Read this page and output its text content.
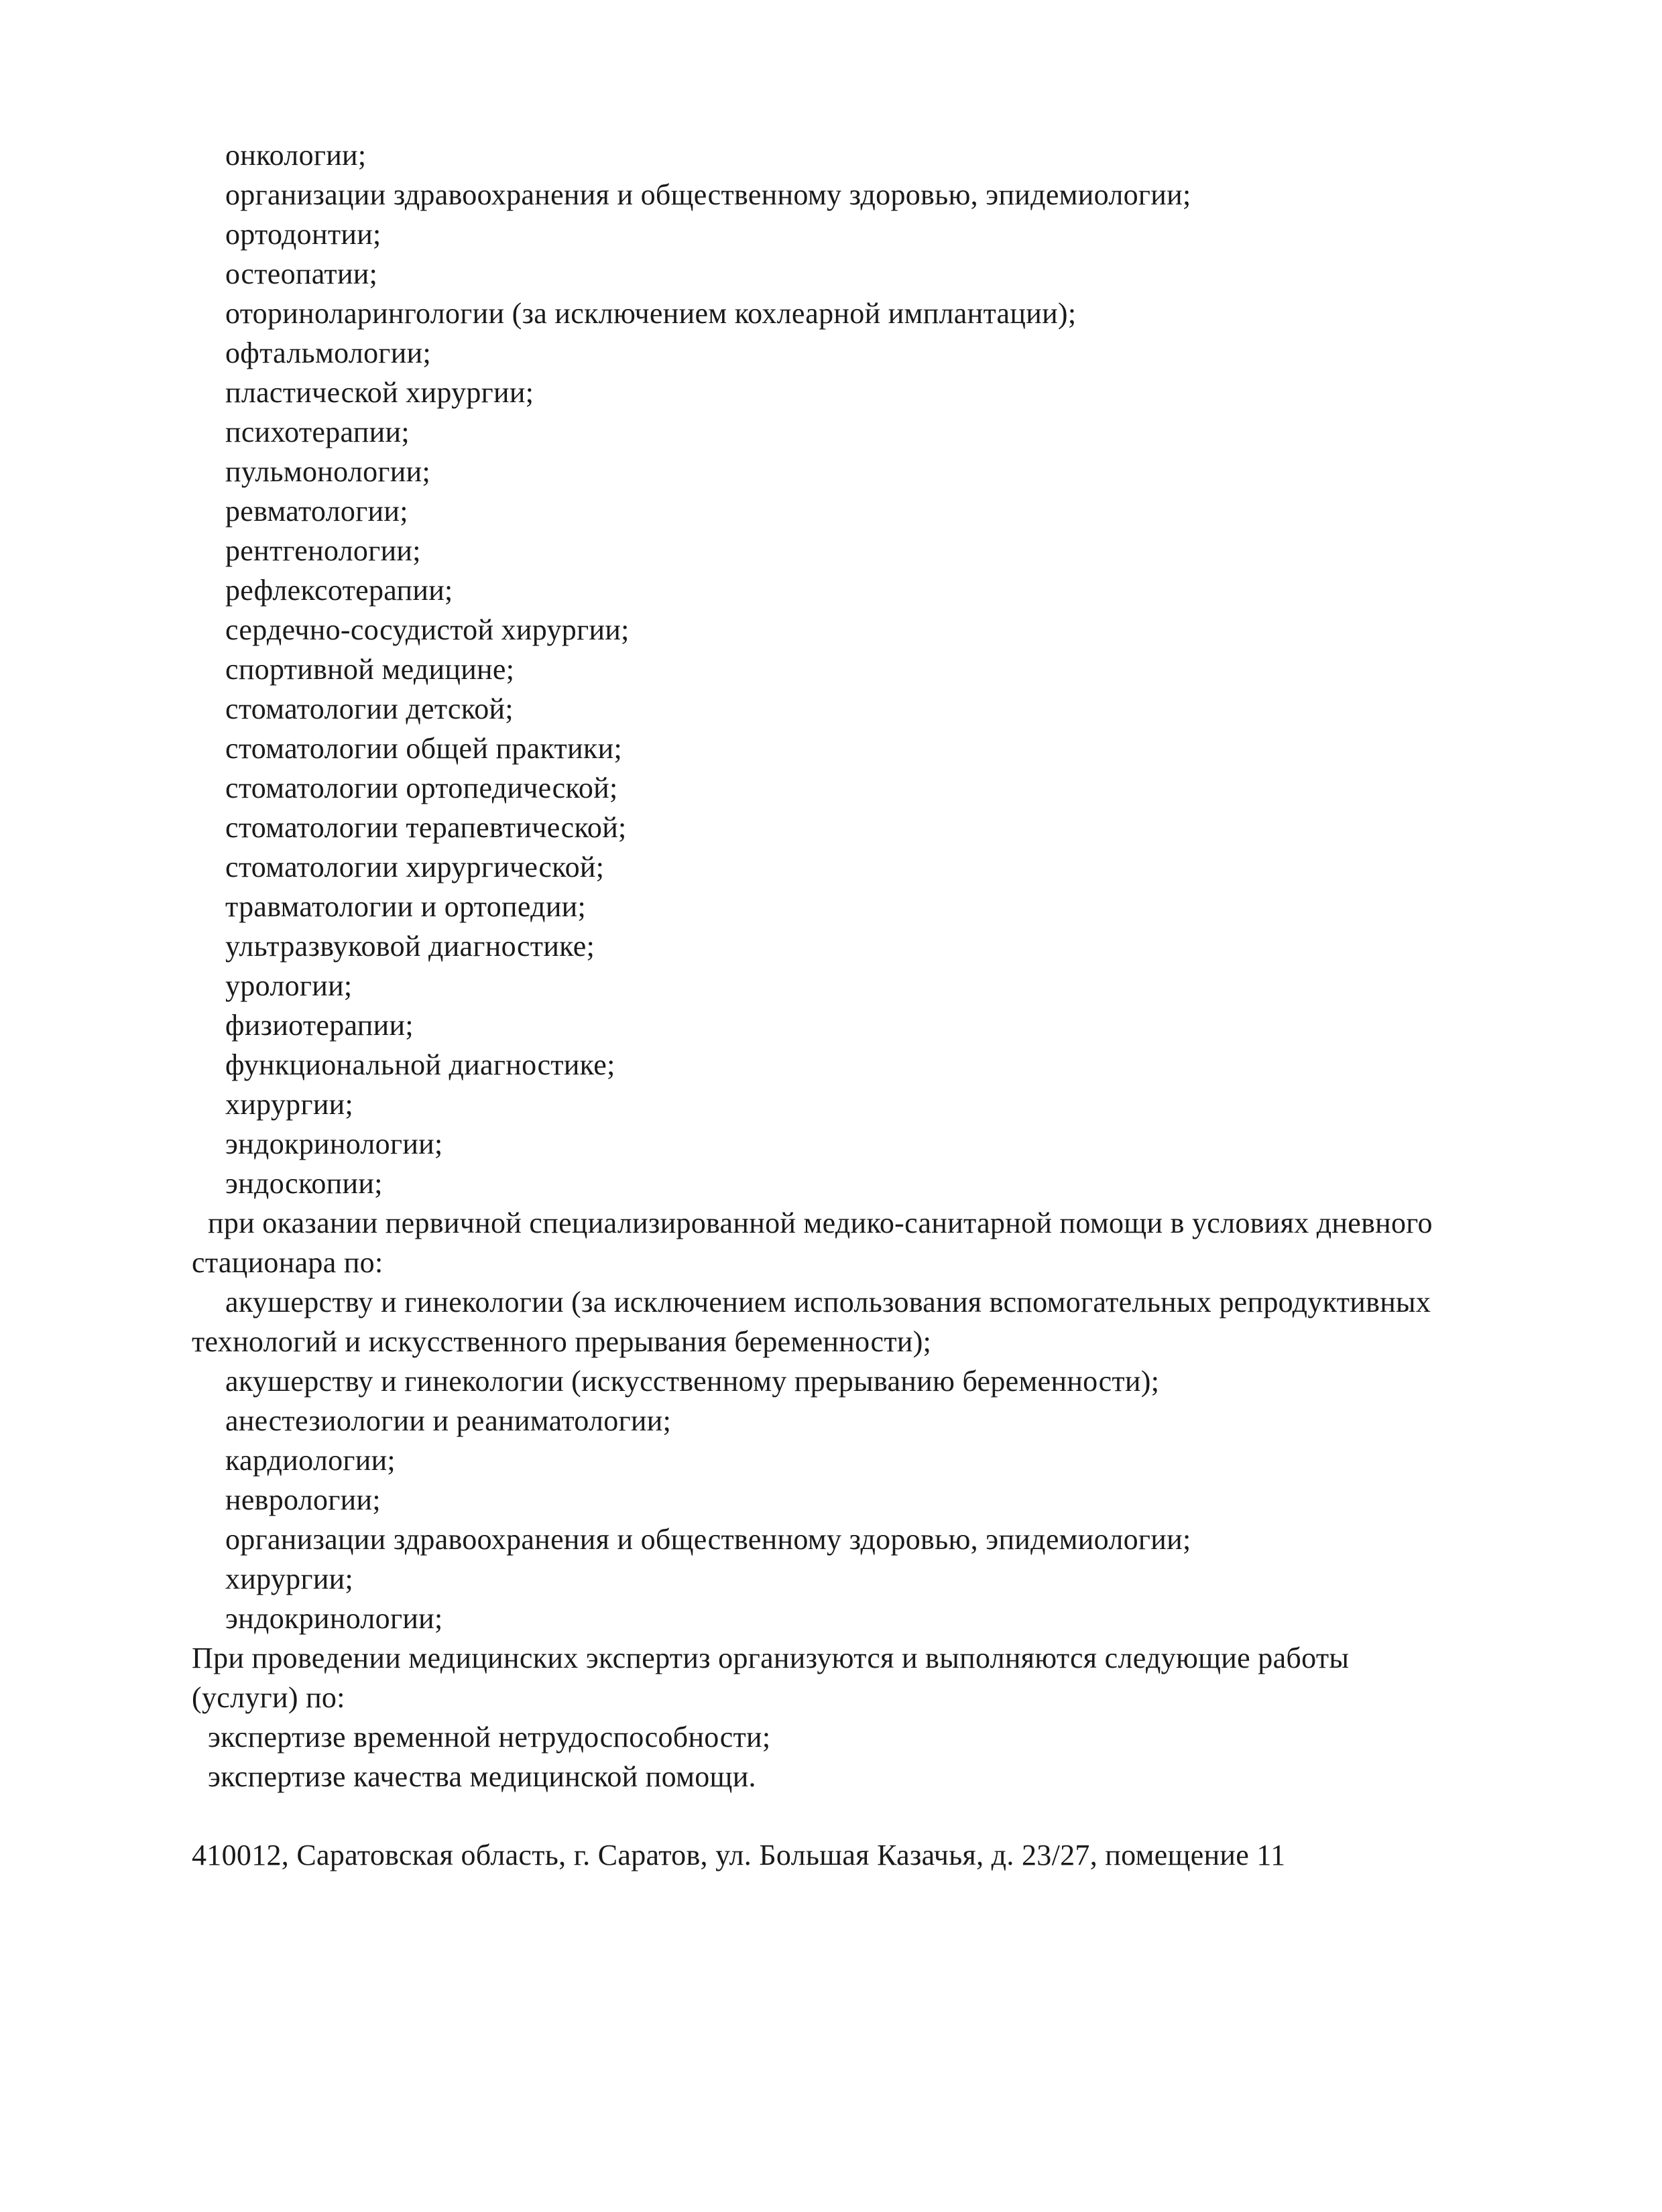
онкологии;
организации здравоохранения и общественному здоровью, эпидемиологии;
ортодонтии;
остеопатии;
оториноларингологии (за исключением кохлеарной имплантации);
офтальмологии;
пластической хирургии;
психотерапии;
пульмонологии;
ревматологии;
рентгенологии;
рефлексотерапии;
сердечно-сосудистой хирургии;
спортивной медицине;
стоматологии детской;
стоматологии общей практики;
стоматологии ортопедической;
стоматологии терапевтической;
стоматологии хирургической;
травматологии и ортопедии;
ультразвуковой диагностике;
урологии;
физиотерапии;
функциональной диагностике;
хирургии;
эндокринологии;
эндоскопии;
при оказании первичной специализированной медико-санитарной помощи в условиях дневного
стационара по:
акушерству и гинекологии (за исключением использования вспомогательных репродуктивных
технологий и искусственного прерывания беременности);
акушерству и гинекологии (искусственному прерыванию беременности);
анестезиологии и реаниматологии;
кардиологии;
неврологии;
организации здравоохранения и общественному здоровью, эпидемиологии;
хирургии;
эндокринологии;
При проведении медицинских экспертиз организуются и выполняются следующие работы
(услуги) по:
экспертизе временной нетрудоспособности;
экспертизе качества медицинской помощи.
410012, Саратовская область, г. Саратов, ул. Большая Казачья, д. 23/27, помещение 11
